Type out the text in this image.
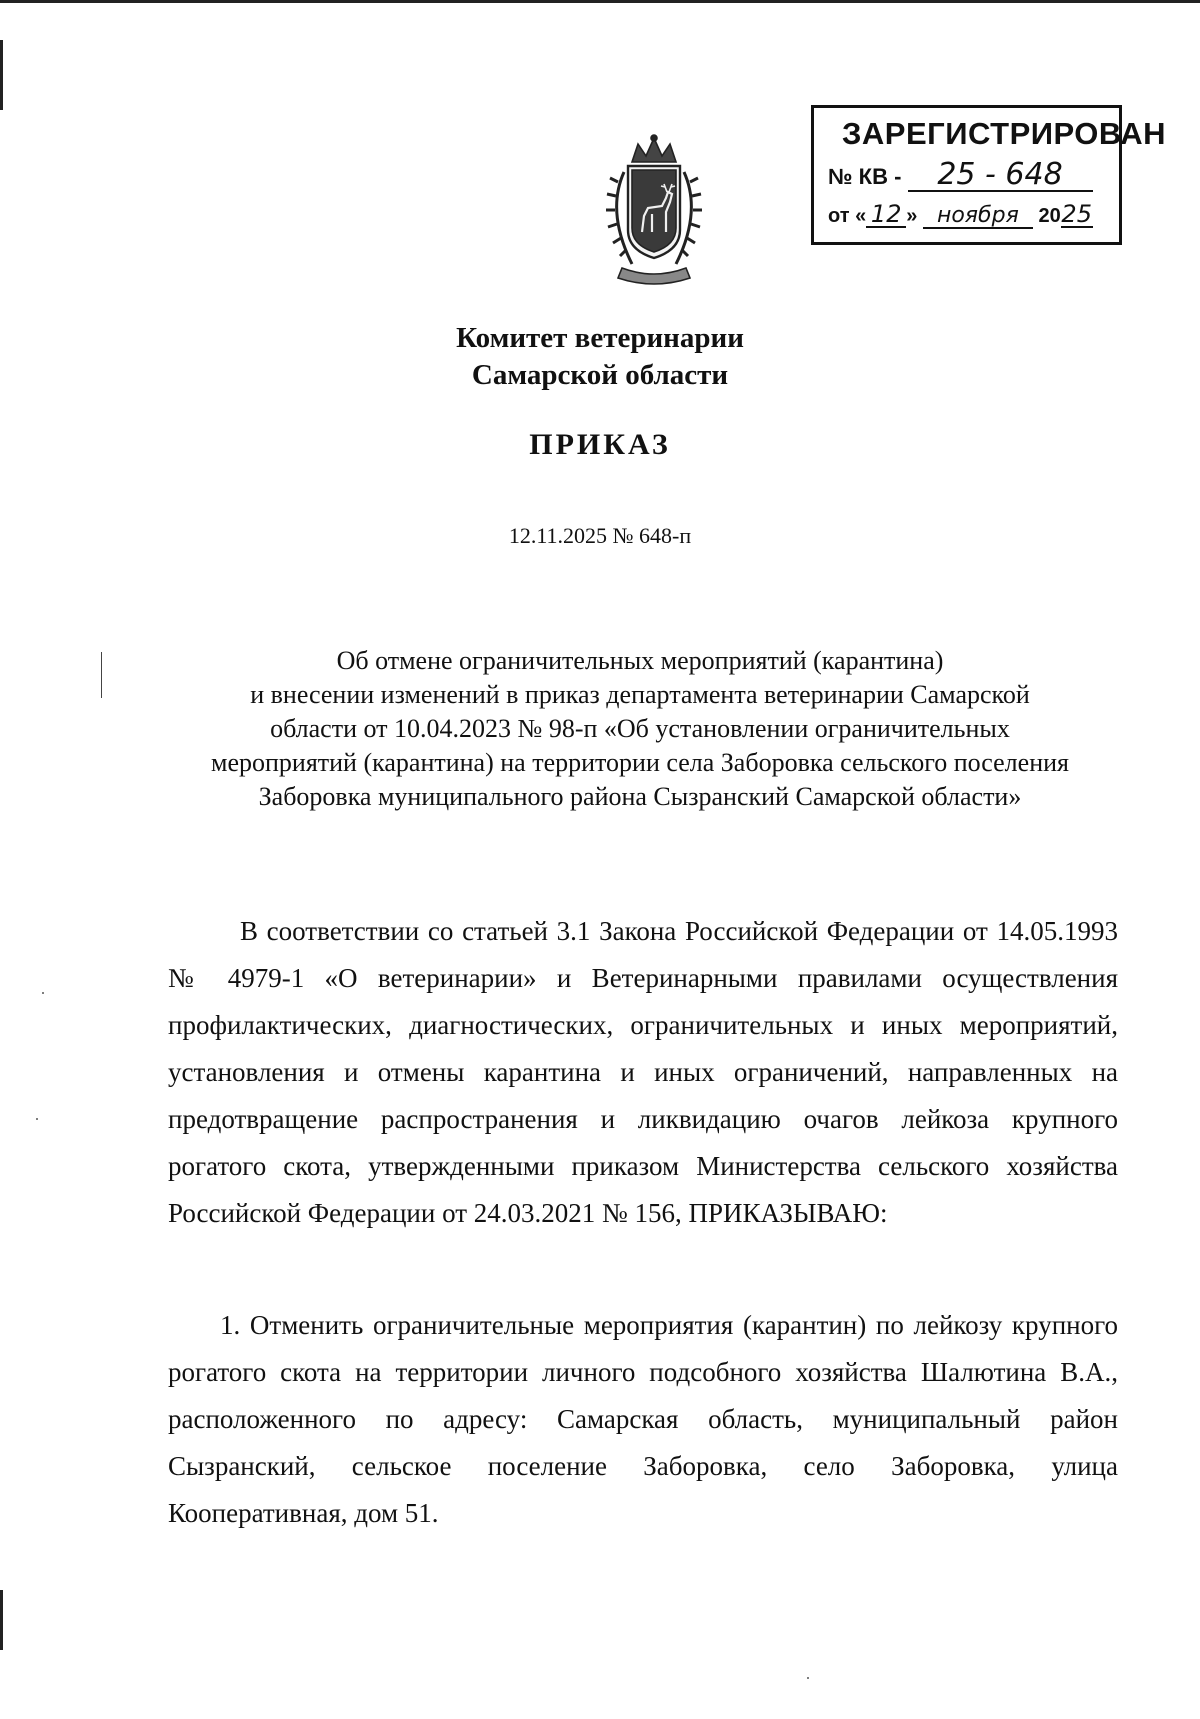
ЗАРЕГИСТРИРОВАН
№ КВ - 25 - 648
от « 12 » ноября 2025
Комитет ветеринарии
Самарской области
ПРИКАЗ
12.11.2025 № 648-п
Об отмене ограничительных мероприятий (карантина)
и внесении изменений в приказ департамента ветеринарии Самарской
области от 10.04.2023 № 98-п «Об установлении ограничительных
мероприятий (карантина) на территории села Заборовка сельского поселения
Заборовка муниципального района Сызранский Самарской области»

В соответствии со статьей 3.1 Закона Российской Федерации от 14.05.1993 № 4979-1 «О ветеринарии» и Ветеринарными правилами осуществления профилактических, диагностических, ограничительных и иных мероприятий, установления и отмены карантина и иных ограничений, направленных на предотвращение распространения и ликвидацию очагов лейкоза крупного рогатого скота, утвержденными приказом Министерства сельского хозяйства Российской Федерации от 24.03.2021 № 156, ПРИКАЗЫВАЮ:

1. Отменить ограничительные мероприятия (карантин) по лейкозу крупного рогатого скота на территории личного подсобного хозяйства Шалютина В.А., расположенного по адресу: Самарская область, муниципальный район Сызранский, сельское поселение Заборовка, село Заборовка, улица Кооперативная, дом 51.
